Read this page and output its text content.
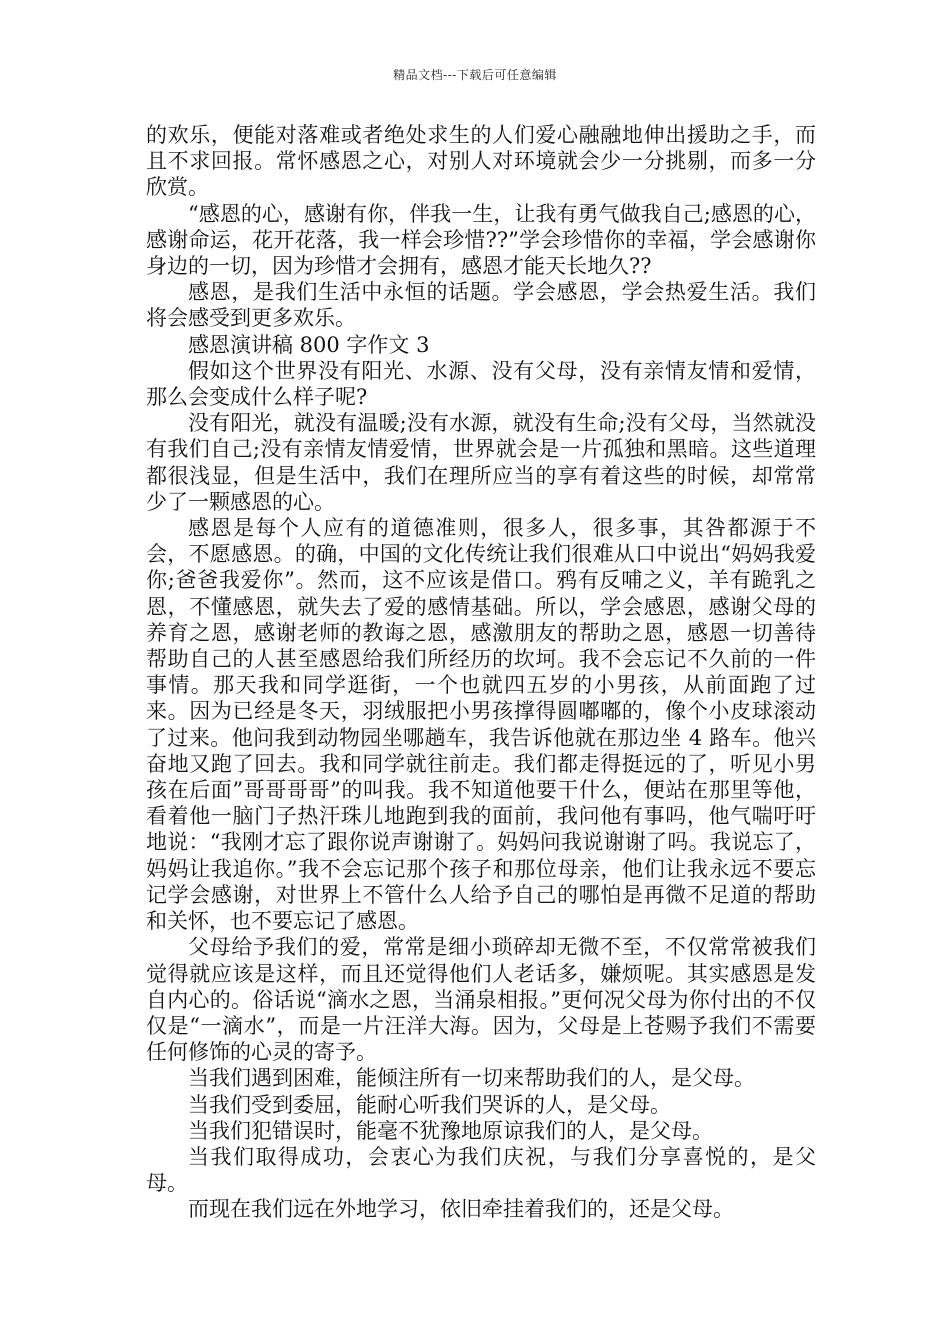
精品文档---下载后可任意编辑

的欢乐，便能对落难或者绝处求生的人们爱心融融地伸出援助之手，而且不求回报。常怀感恩之心，对别人对环境就会少一分挑剔，而多一分欣赏。

“感恩的心，感谢有你，伴我一生，让我有勇气做我自己;感恩的心，感谢命运，花开花落，我一样会珍惜??”学会珍惜你的幸福，学会感谢你身边的一切，因为珍惜才会拥有，感恩才能天长地久??

感恩，是我们生活中永恒的话题。学会感恩，学会热爱生活。我们将会感受到更多欢乐。

感恩演讲稿 800 字作文 3

假如这个世界没有阳光、水源、没有父母，没有亲情友情和爱情，那么会变成什么样子呢?

没有阳光，就没有温暖;没有水源，就没有生命;没有父母，当然就没有我们自己;没有亲情友情爱情，世界就会是一片孤独和黑暗。这些道理都很浅显，但是生活中，我们在理所应当的享有着这些的时候，却常常少了一颗感恩的心。

感恩是每个人应有的道德准则，很多人，很多事，其咎都源于不会，不愿感恩。的确，中国的文化传统让我们很难从口中说出“妈妈我爱你;爸爸我爱你”。然而，这不应该是借口。鸦有反哺之义，羊有跪乳之恩，不懂感恩，就失去了爱的感情基础。所以，学会感恩，感谢父母的养育之恩，感谢老师的教诲之恩，感激朋友的帮助之恩，感恩一切善待帮助自己的人甚至感恩给我们所经历的坎坷。我不会忘记不久前的一件事情。那天我和同学逛街，一个也就四五岁的小男孩，从前面跑了过来。因为已经是冬天，羽绒服把小男孩撑得圆嘟嘟的，像个小皮球滚动了过来。他问我到动物园坐哪趟车，我告诉他就在那边坐 4 路车。他兴奋地又跑了回去。我和同学就往前走。我们都走得挺远的了，听见小男孩在后面”哥哥哥哥”的叫我。我不知道他要干什么，便站在那里等他，看着他一脑门子热汗珠儿地跑到我的面前，我问他有事吗，他气喘吁吁地说：“我刚才忘了跟你说声谢谢了。妈妈问我说谢谢了吗。我说忘了，妈妈让我追你。”我不会忘记那个孩子和那位母亲，他们让我永远不要忘记学会感谢，对世界上不管什么人给予自己的哪怕是再微不足道的帮助和关怀，也不要忘记了感恩。

父母给予我们的爱，常常是细小琐碎却无微不至，不仅常常被我们觉得就应该是这样，而且还觉得他们人老话多，嫌烦呢。其实感恩是发自内心的。俗话说“滴水之恩，当涌泉相报。”更何况父母为你付出的不仅仅是“一滴水”，而是一片汪洋大海。因为，父母是上苍赐予我们不需要任何修饰的心灵的寄予。

当我们遇到困难，能倾注所有一切来帮助我们的人，是父母。

当我们受到委屈，能耐心听我们哭诉的人，是父母。

当我们犯错误时，能毫不犹豫地原谅我们的人，是父母。

当我们取得成功，会衷心为我们庆祝，与我们分享喜悦的，是父母。

而现在我们远在外地学习，依旧牵挂着我们的，还是父母。
